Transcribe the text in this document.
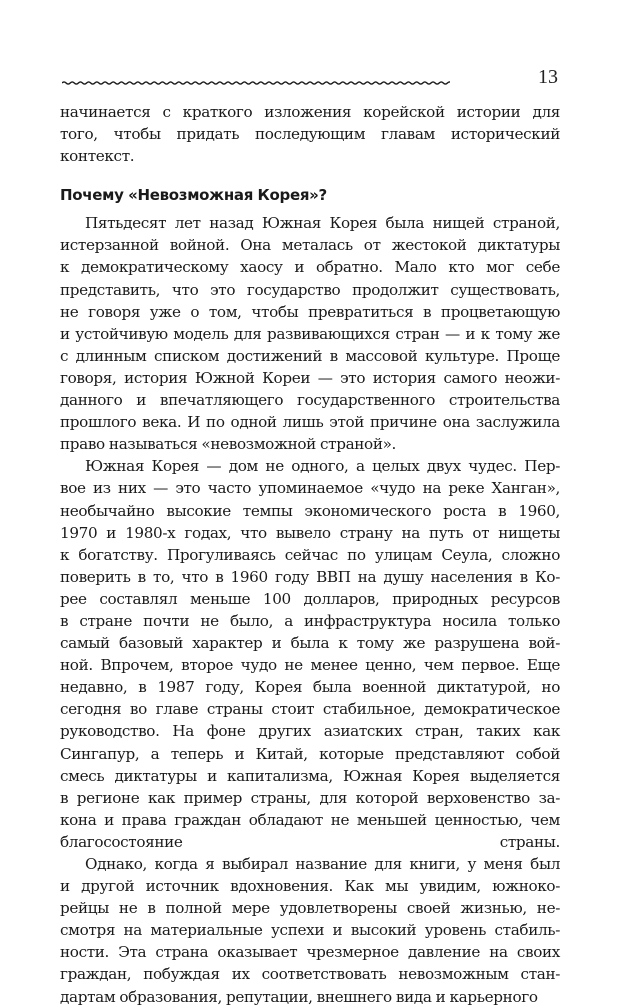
13
начинается с краткого изложения корейской истории для
того, чтобы придать последующим главам исторический
контекст.
Почему «Невозможная Корея»?
Пятьдесят лет назад Южная Корея была нищей страной,
истерзанной войной. Она металась от жестокой диктатуры
к демократическому хаосу и обратно. Мало кто мог себе
представить, что это государство продолжит существовать,
не говоря уже о том, чтобы превратиться в процветающую
и устойчивую модель для развивающихся стран — и к тому же
с длинным списком достижений в массовой культуре. Проще
говоря, история Южной Кореи — это история самого неожи-
данного и впечатляющего государственного строительства
прошлого века. И по одной лишь этой причине она заслужила
право называться «невозможной страной».
Южная Корея — дом не одного, а целых двух чудес. Пер-
вое из них — это часто упоминаемое «чудо на реке Ханган»,
необычайно высокие темпы экономического роста в 1960,
1970 и 1980-х годах, что вывело страну на путь от нищеты
к богатству. Прогуливаясь сейчас по улицам Сеула, сложно
поверить в то, что в 1960 году ВВП на душу населения в Ко-
рее составлял меньше 100 долларов, природных ресурсов
в стране почти не было, а инфраструктура носила только
самый базовый характер и была к тому же разрушена вой-
ной. Впрочем, второе чудо не менее ценно, чем первое. Еще
недавно, в 1987 году, Корея была военной диктатурой, но
сегодня во главе страны стоит стабильное, демократическое
руководство. На фоне других азиатских стран, таких как
Сингапур, а теперь и Китай, которые представляют собой
смесь диктатуры и капитализма, Южная Корея выделяется
в регионе как пример страны, для которой верховенство за-
кона и права граждан обладают не меньшей ценностью, чем
благосостояние страны.
Однако, когда я выбирал название для книги, у меня был
и другой источник вдохновения. Как мы увидим, южноко-
рейцы не в полной мере удовлетворены своей жизнью, не-
смотря на материальные успехи и высокий уровень стабиль-
ности. Эта страна оказывает чрезмерное давление на своих
граждан, побуждая их соответствовать невозможным стан-
дартам образования, репутации, внешнего вида и карьерного
